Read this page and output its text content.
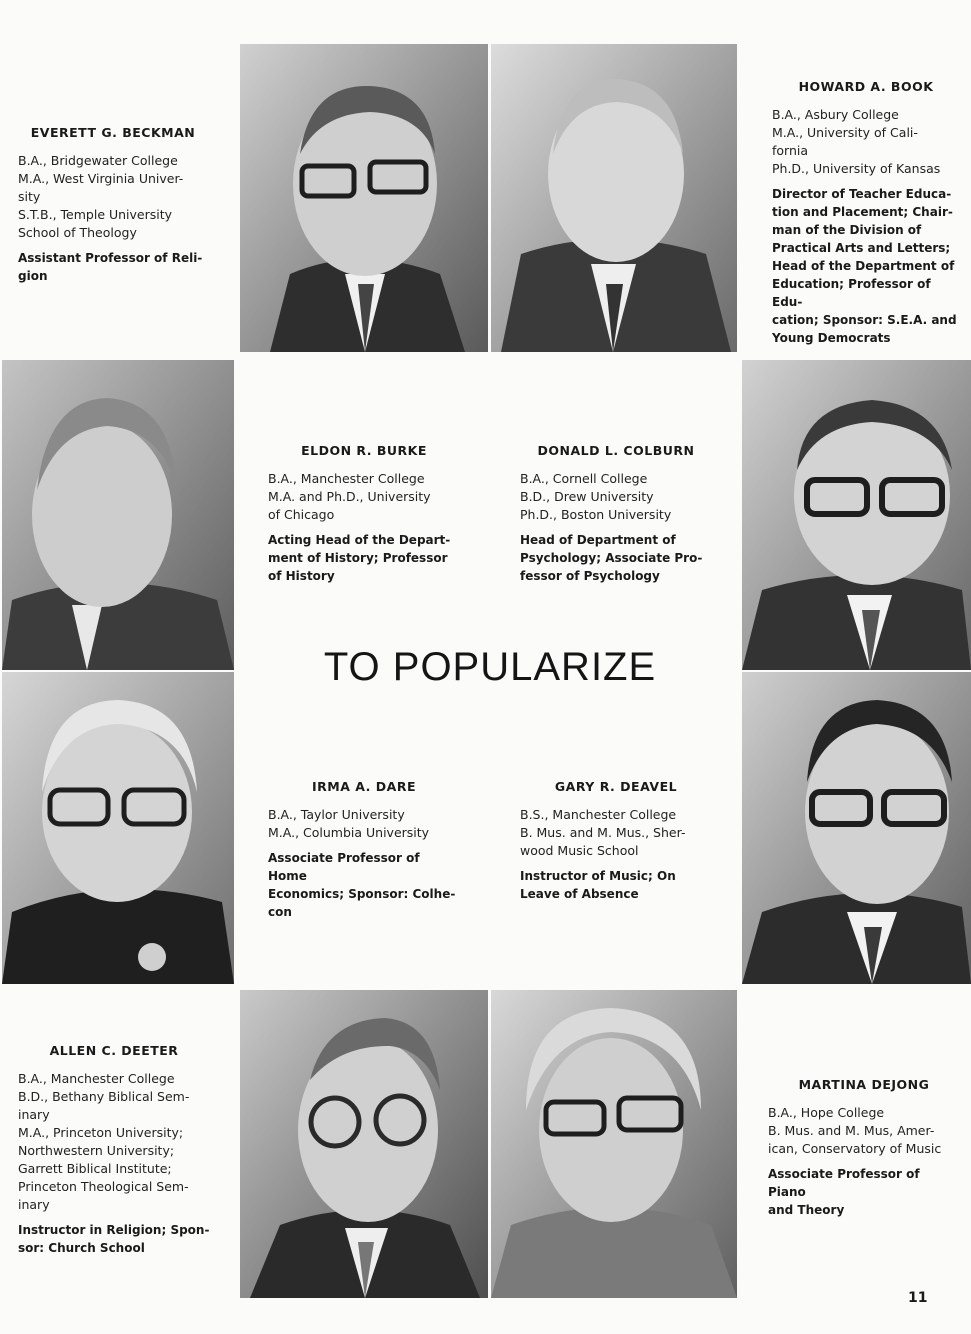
EVERETT G. BECKMAN
B.A., Bridgewater College
M.A., West Virginia Univer-
sity
S.T.B., Temple University
School of Theology
Assistant Professor of Reli-
gion
HOWARD A. BOOK
B.A., Asbury College
M.A., University of Cali-
fornia
Ph.D., University of Kansas
Director of Teacher Educa-
tion and Placement; Chair-
man of the Division of
Practical Arts and Letters;
Head of the Department of
Education; Professor of Edu-
cation; Sponsor: S.E.A. and
Young Democrats
ELDON R. BURKE
B.A., Manchester College
M.A. and Ph.D., University
of Chicago
Acting Head of the Depart-
ment of History; Professor
of History
DONALD L. COLBURN
B.A., Cornell College
B.D., Drew University
Ph.D., Boston University
Head of Department of
Psychology; Associate Pro-
fessor of Psychology
TO POPULARIZE
IRMA A. DARE
B.A., Taylor University
M.A., Columbia University
Associate Professor of Home
Economics; Sponsor: Colhe-
con
GARY R. DEAVEL
B.S., Manchester College
B. Mus. and M. Mus., Sher-
wood Music School
Instructor of Music; On
Leave of Absence
ALLEN C. DEETER
B.A., Manchester College
B.D., Bethany Biblical Sem-
inary
M.A., Princeton University;
Northwestern University;
Garrett Biblical Institute;
Princeton Theological Sem-
inary
Instructor in Religion; Spon-
sor: Church School
MARTINA DEJONG
B.A., Hope College
B. Mus. and M. Mus, Amer-
ican, Conservatory of Music
Associate Professor of Piano
and Theory
11
